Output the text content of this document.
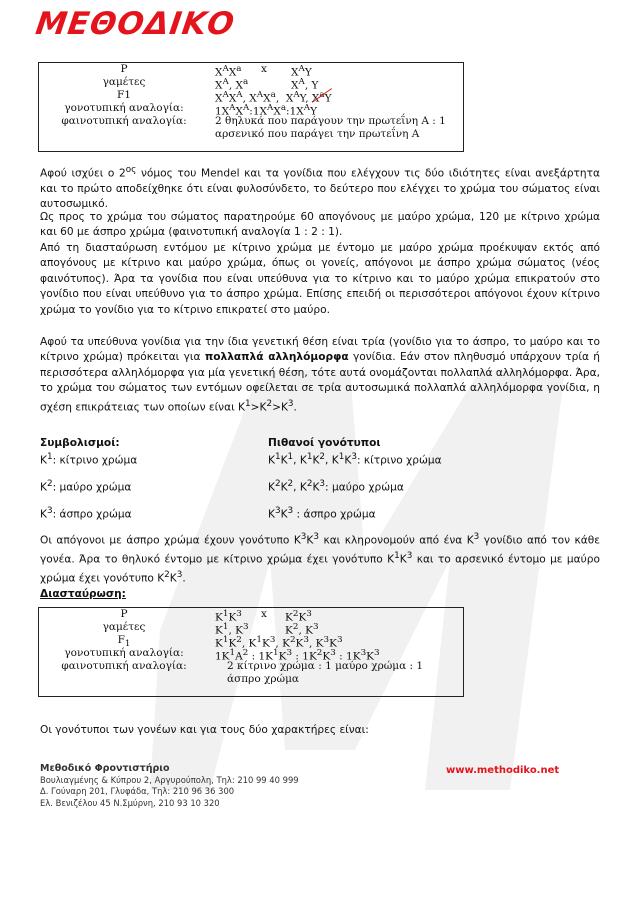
ΜΕΘΟΔΙΚΟ
P	$X^AX^a$ x $X^AY$
γαμέτες	$X^A$, $X^a$	$X^A$, Y
F1	$X^AX^A$, $X^AX^a$,  $X^AY$, $X^aY$
γονοτυπική αναλογία:	$1X^AX^A:1X^AX^a:1X^AY$
φαινοτυπική αναλογία:	2 θηλυκά που παράγουν την πρωτεΐνη Α : 1
αρσενικό που παράγει την πρωτεΐνη Α

Αφού ισχύει ο $2^{o\varsigma}$ νόμος του Mendel και τα γονίδια που ελέγχουν τις δύο ιδιότητες είναι ανεξάρτητα και το πρώτο αποδείχθηκε ότι είναι φυλοσύνδετο, το δεύτερο που ελέγχει το χρώμα του σώματος είναι αυτοσωμικό.

Ως προς το χρώμα του σώματος παρατηρούμε 60 απογόνους με μαύρο χρώμα, 120 με κίτρινο χρώμα και 60 με άσπρο χρώμα (φαινοτυπική αναλογία 1 : 2 : 1).

Από τη διασταύρωση εντόμου με κίτρινο χρώμα με έντομο με μαύρο χρώμα προέκυψαν εκτός από απογόνους με κίτρινο και μαύρο χρώμα, όπως οι γονείς, απόγονοι με άσπρο χρώμα σώματος (νέος φαινότυπος). Άρα τα γονίδια που είναι υπεύθυνα για το κίτρινο και το μαύρο χρώμα επικρατούν στο γονίδιο που είναι υπεύθυνο για το άσπρο χρώμα. Επίσης επειδή οι περισσότεροι απόγονοι έχουν κίτρινο χρώμα το γονίδιο για το κίτρινο επικρατεί στο μαύρο.

Αφού τα υπεύθυνα γονίδια για την ίδια γενετική θέση είναι τρία (γονίδιο για το άσπρο, το μαύρο και το κίτρινο χρώμα) πρόκειται για πολλαπλά αλληλόμορφα γονίδια. Εάν στον πληθυσμό υπάρχουν τρία ή περισσότερα αλληλόμορφα για μία γενετική θέση, τότε αυτά ονομάζονται πολλαπλά αλληλόμορφα. Άρα, το χρώμα του σώματος των εντόμων οφείλεται σε τρία αυτοσωμικά πολλαπλά αλληλόμορφα γονίδια, η σχέση επικράτειας των οποίων είναι $K^1>K^2>K^3$.

Συμβολισμοί:	Πιθανοί γονότυποι
$K^1$: κίτρινο χρώμα	$K^1K^1$, $K^1K^2$, $K^1K^3$: κίτρινο χρώμα
$K^2$: μαύρο χρώμα	$K^2K^2$, $K^2K^3$: μαύρο χρώμα
$K^3$: άσπρο χρώμα	$K^3K^3$ : άσπρο χρώμα

Οι απόγονοι με άσπρο χρώμα έχουν γονότυπο $K^3K^3$ και κληρονομούν από ένα $K^3$ γονίδιο από τον κάθε γονέα. Άρα το θηλυκό έντομο με κίτρινο χρώμα έχει γονότυπο $K^1K^3$ και το αρσενικό έντομο με μαύρο χρώμα έχει γονότυπο $K^2K^3$.

Διασταύρωση:
P	$K^1K^3$ x $K^2K^3$
γαμέτες	$K^1$, $K^3$	$K^2$, $K^3$
$F_1$	$K^1K^2$, $K^1K^3$, $K^2K^3$, $K^3K^3$
γονοτυπική αναλογία:	$1K^1A^2$ : $1K^1K^3$ : $1K^2K^3$ : $1K^3K^3$
φαινοτυπική αναλογία:	2 κίτρινο χρώμα : 1 μαύρο χρώμα : 1
άσπρο χρώμα
Οι γονότυποι των γονέων και για τους δύο χαρακτήρες είναι:
Μεθοδικό Φροντιστήριο
Βουλιαγμένης & Κύπρου 2, Αργυρούπολη, Τηλ: 210 99 40 999
Δ. Γούναρη 201, Γλυφάδα, Τηλ: 210 96 36 300
Ελ. Βενιζέλου 45 Ν.Σμύρνη, 210 93 10 320
www.methodiko.net
